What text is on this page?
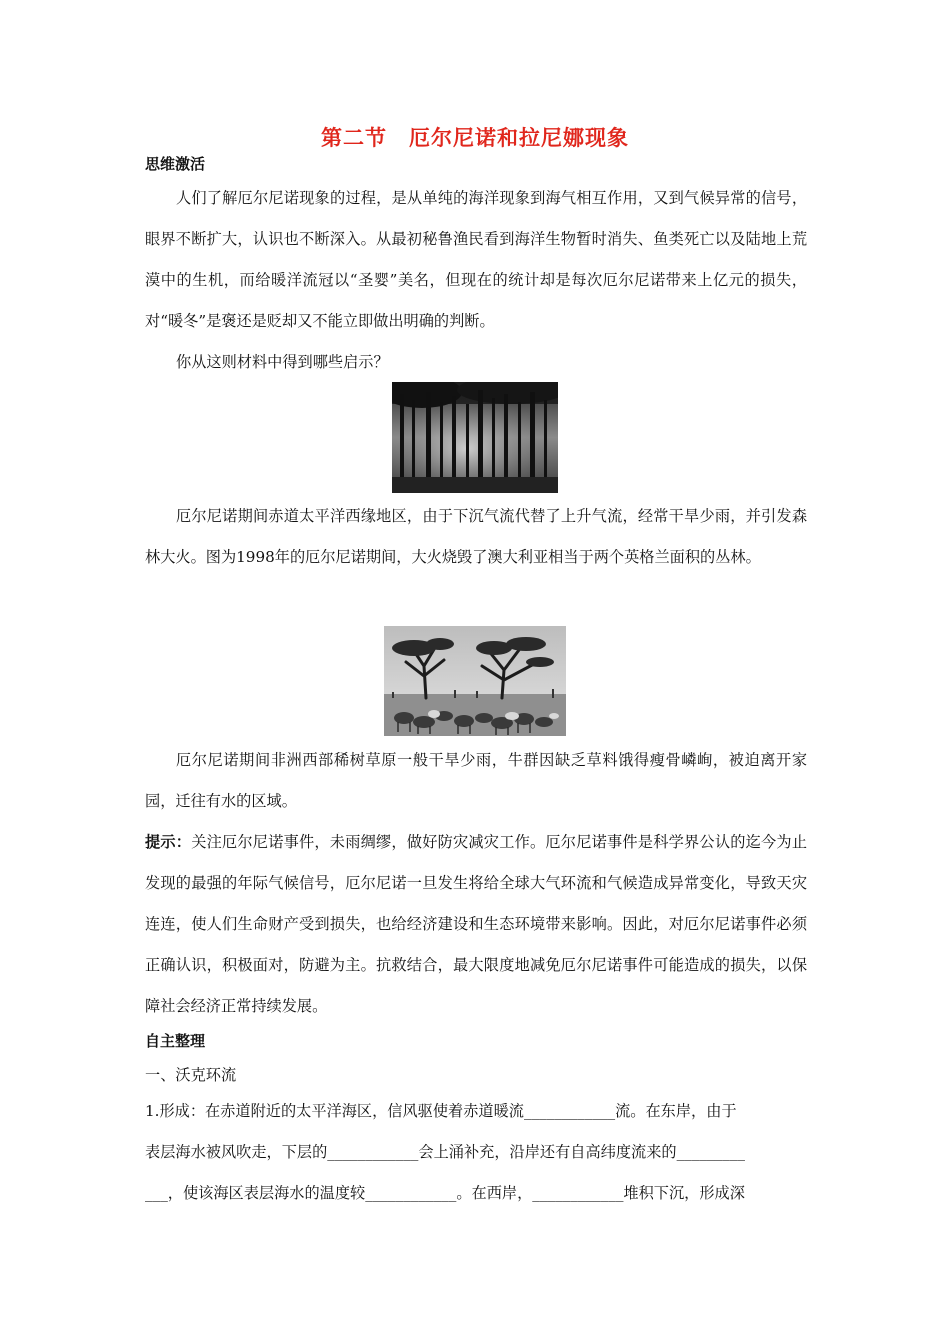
第二节　厄尔尼诺和拉尼娜现象
思维激活
人们了解厄尔尼诺现象的过程，是从单纯的海洋现象到海气相互作用，又到气候异常的信号，眼界不断扩大，认识也不断深入。从最初秘鲁渔民看到海洋生物暂时消失、鱼类死亡以及陆地上荒漠中的生机，而给暖洋流冠以“圣婴”美名，但现在的统计却是每次厄尔尼诺带来上亿元的损失，对“暖冬”是褒还是贬却又不能立即做出明确的判断。
你从这则材料中得到哪些启示？
厄尔尼诺期间赤道太平洋西缘地区，由于下沉气流代替了上升气流，经常干旱少雨，并引发森林大火。图为1998年的厄尔尼诺期间，大火烧毁了澳大利亚相当于两个英格兰面积的丛林。
厄尔尼诺期间非洲西部稀树草原一般干旱少雨，牛群因缺乏草料饿得瘦骨嶙峋，被迫离开家园，迁往有水的区域。
提示：关注厄尔尼诺事件，未雨绸缪，做好防灾减灾工作。厄尔尼诺事件是科学界公认的迄今为止发现的最强的年际气候信号，厄尔尼诺一旦发生将给全球大气环流和气候造成异常变化，导致天灾连连，使人们生命财产受到损失，也给经济建设和生态环境带来影响。因此，对厄尔尼诺事件必须正确认识，积极面对，防避为主。抗救结合，最大限度地减免厄尔尼诺事件可能造成的损失，以保障社会经济正常持续发展。
自主整理
一、沃克环流
1.形成：在赤道附近的太平洋海区，信风驱使着赤道暖流____________流。在东岸，由于
表层海水被风吹走，下层的____________会上涌补充，沿岸还有自高纬度流来的_________
___，使该海区表层海水的温度较____________。在西岸，____________堆积下沉，形成深
